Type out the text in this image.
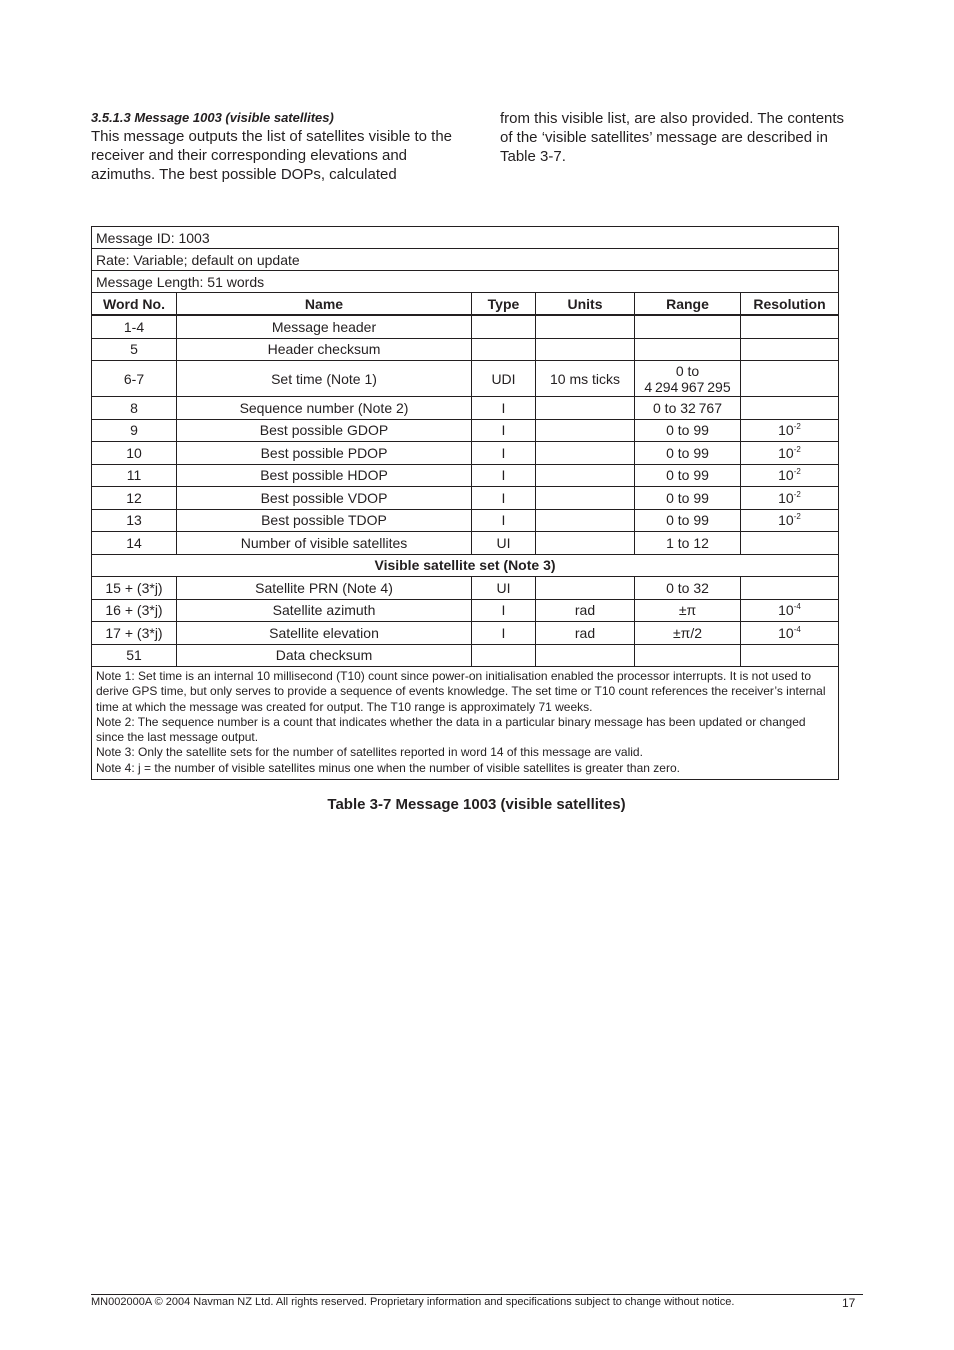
3.5.1.3 Message 1003 (visible satellites)

This message outputs the list of satellites visible to the receiver and their corresponding elevations and azimuths. The best possible DOPs, calculated

from this visible list, are also provided. The contents of the ‘visible satellites’ message are described in Table 3-7.

Message ID: 1003					
Rate: Variable; default on update					
Message Length: 51 words					
Word No.	Name	Type	Units	Range	Resolution
1-4	Message header				
5	Header checksum				
6-7	Set time (Note 1)	UDI	10 ms ticks	0 to
4 294 967 295	

8	Sequence number (Note 2)	I		0 to 32 767	
9	Best possible GDOP	I		0 to 99	$10^{-2}$
10	Best possible PDOP	I		0 to 99	$10^{-2}$
11	Best possible HDOP	I		0 to 99	$10^{-2}$
12	Best possible VDOP	I		0 to 99	$10^{-2}$
13	Best possible TDOP	I		0 to 99	$10^{-2}$
14	Number of visible satellites	UI		1 to 12	
Visible satellite set (Note 3)					
15 + (3*j)	Satellite PRN (Note 4)	UI		0 to 32	
16 + (3*j)	Satellite azimuth	I	rad	±π	$10^{-4}$
17 + (3*j)	Satellite elevation	I	rad	±π/2	$10^{-4}$
51	Data checksum				

Note 1: Set time is an internal 10 millisecond (T10) count since power-on initialisation enabled the processor interrupts. It is not used to derive GPS time, but only serves to provide a sequence of events knowledge. The set time or T10 count references the receiver’s internal time at which the message was created for output. The T10 range is approximately 71 weeks.
Note 2: The sequence number is a count that indicates whether the data in a particular binary message has been updated or changed since the last message output.
Note 3: Only the satellite sets for the number of satellites reported in word 14 of this message are valid.
Note 4: j = the number of visible satellites minus one when the number of visible satellites is greater than zero.					
Table 3-7 Message 1003 (visible satellites)
MN002000A © 2004 Navman NZ Ltd. All rights reserved. Proprietary information and specifications subject to change without notice.	17
